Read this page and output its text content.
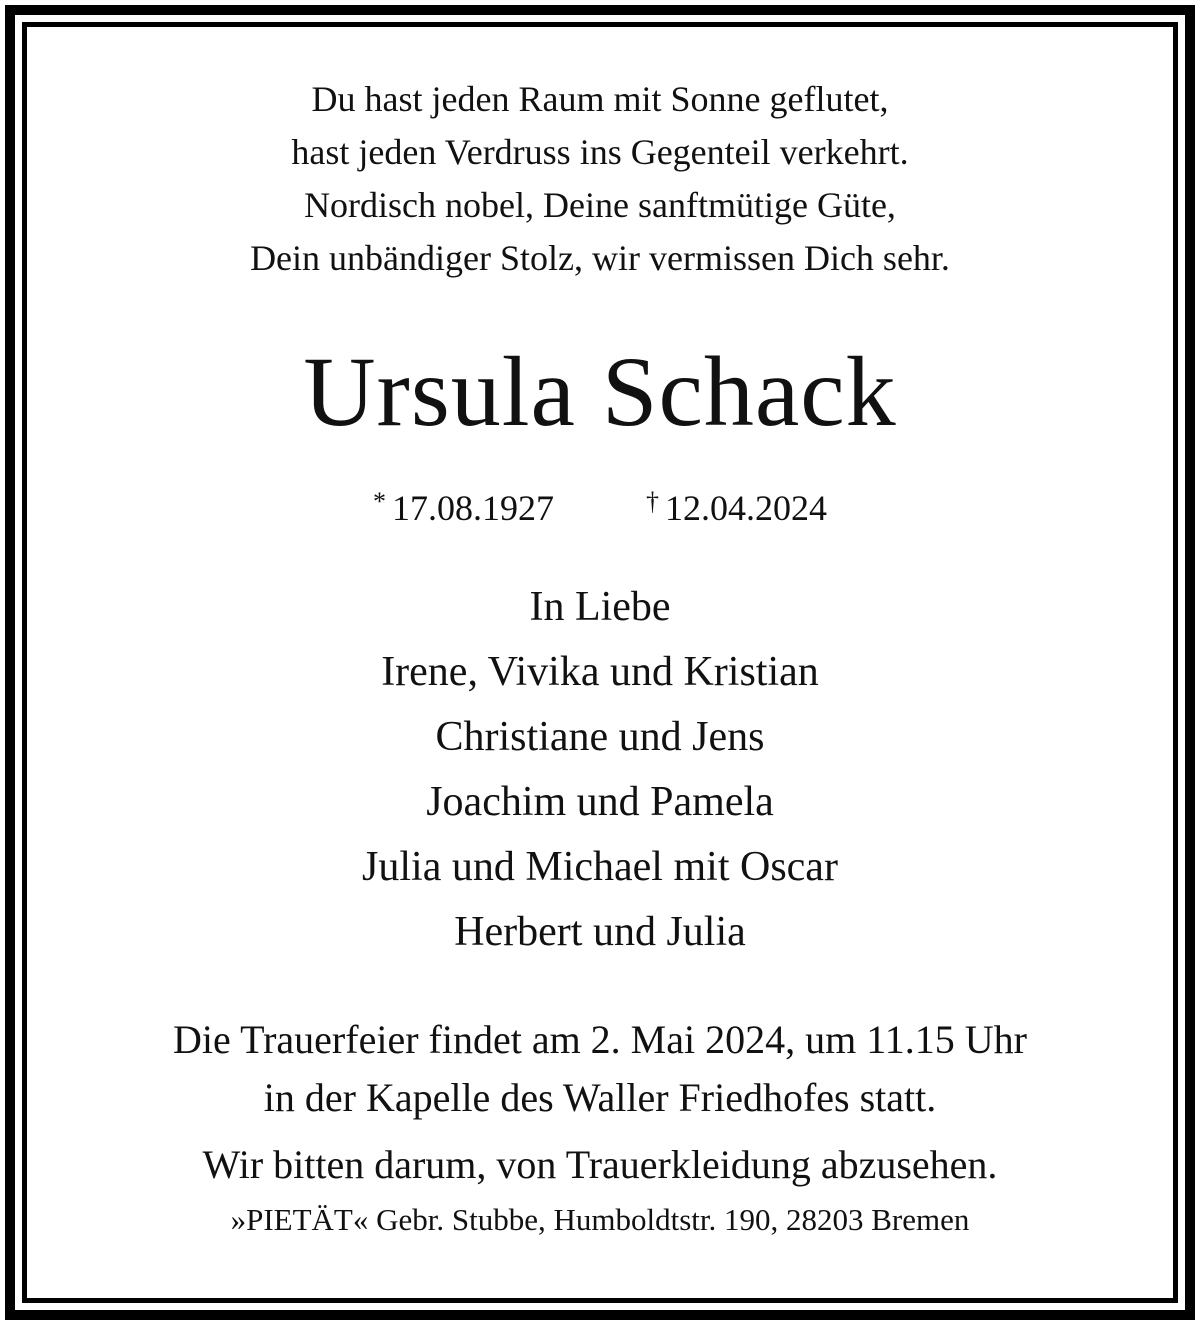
Du hast jeden Raum mit Sonne geflutet,
hast jeden Verdruss ins Gegenteil verkehrt.
Nordisch nobel, Deine sanftmütige Güte,
Dein unbändiger Stolz, wir vermissen Dich sehr.
Ursula Schack
* 17.08.1927	† 12.04.2024
In Liebe
Irene, Vivika und Kristian
Christiane und Jens
Joachim und Pamela
Julia und Michael mit Oscar
Herbert und Julia
Die Trauerfeier findet am 2. Mai 2024, um 11.15 Uhr
in der Kapelle des Waller Friedhofes statt.
Wir bitten darum, von Trauerkleidung abzusehen.
»PIETÄT« Gebr. Stubbe, Humboldtstr. 190, 28203 Bremen
